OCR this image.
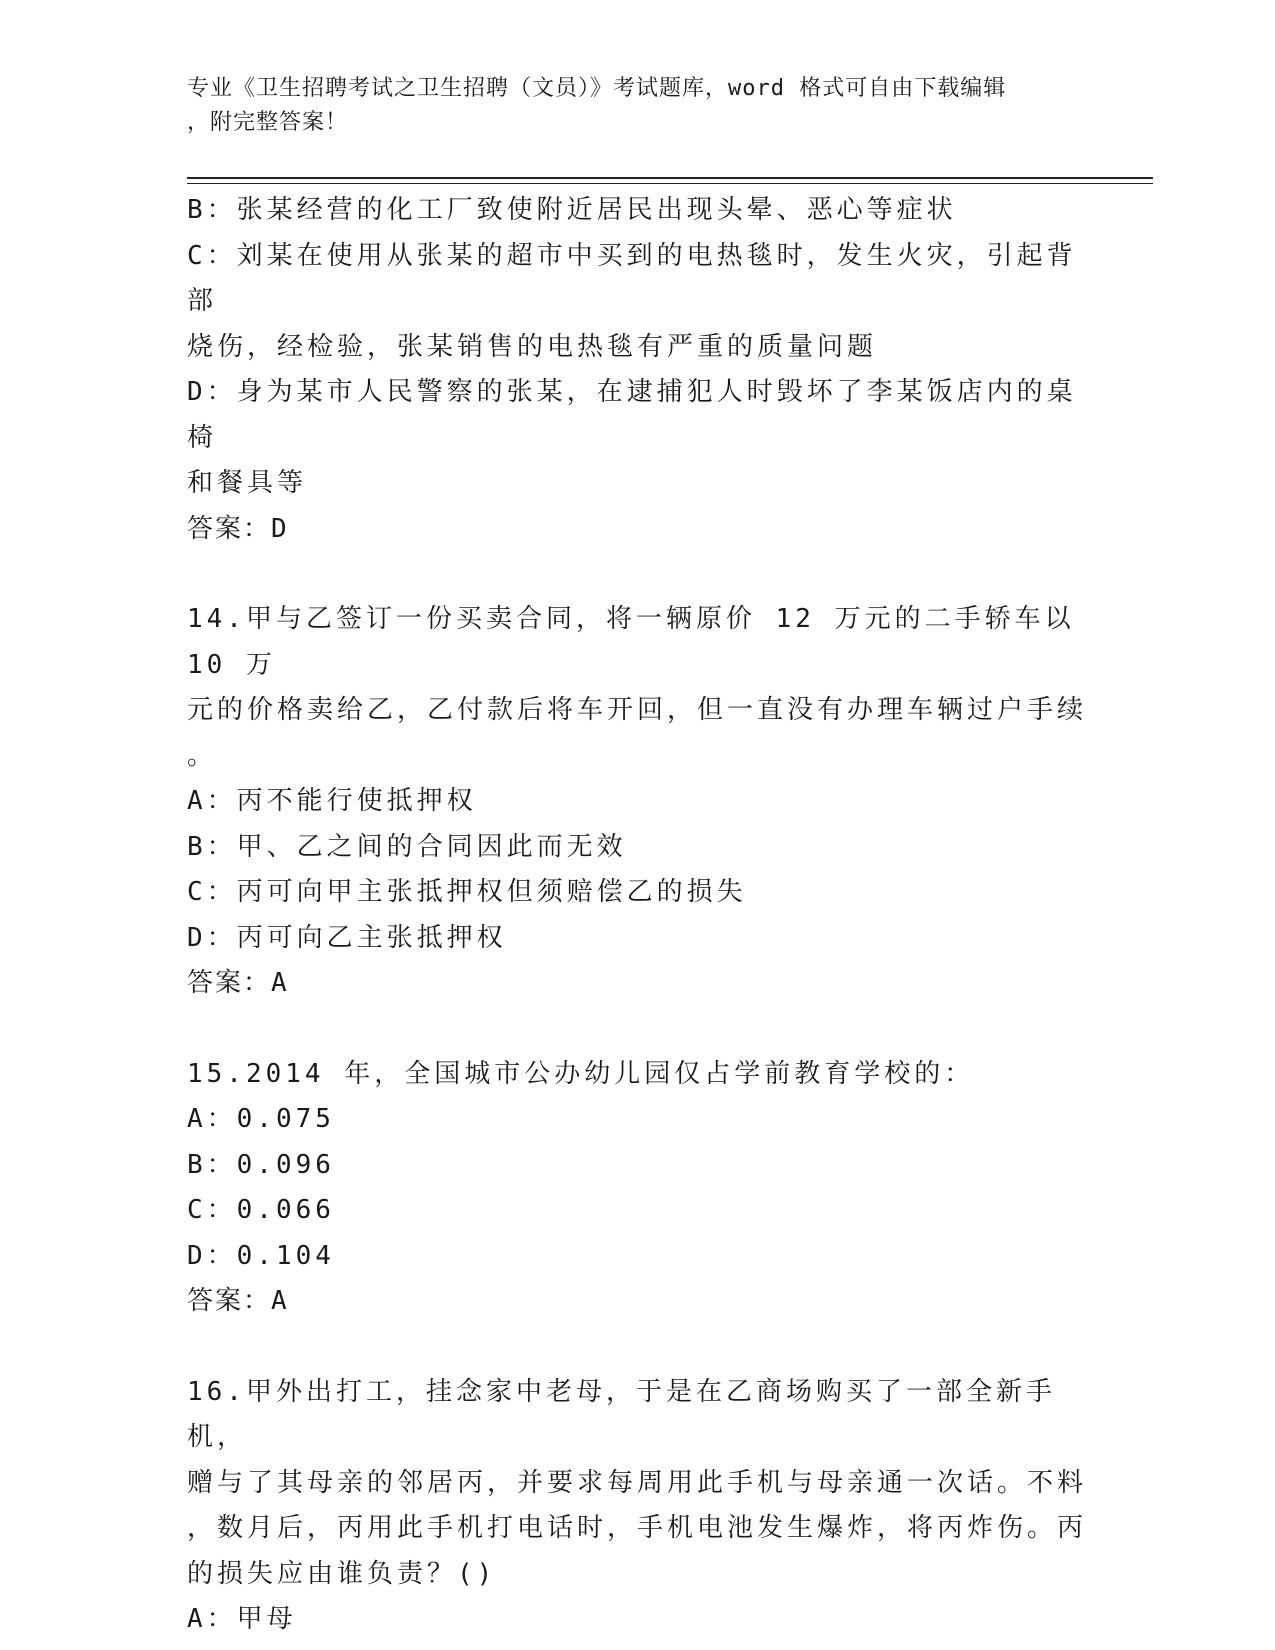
专业《卫生招聘考试之卫生招聘（文员）》考试题库，word 格式可自由下载编辑
，附完整答案！
B：张某经营的化工厂致使附近居民出现头晕、恶心等症状
C：刘某在使用从张某的超市中买到的电热毯时，发生火灾，引起背部
烧伤，经检验，张某销售的电热毯有严重的质量问题
D：身为某市人民警察的张某，在逮捕犯人时毁坏了李某饭店内的桌椅
和餐具等
答案：D
14.甲与乙签订一份买卖合同，将一辆原价 12 万元的二手轿车以 10 万
元的价格卖给乙，乙付款后将车开回，但一直没有办理车辆过户手续
。
A：丙不能行使抵押权
B：甲、乙之间的合同因此而无效
C：丙可向甲主张抵押权但须赔偿乙的损失
D：丙可向乙主张抵押权
答案：A
15.2014 年，全国城市公办幼儿园仅占学前教育学校的：
A：0.075
B：0.096
C：0.066
D：0.104
答案：A
16.甲外出打工，挂念家中老母，于是在乙商场购买了一部全新手机，
赠与了其母亲的邻居丙，并要求每周用此手机与母亲通一次话。不料
，数月后，丙用此手机打电话时，手机电池发生爆炸，将丙炸伤。丙
的损失应由谁负责？()
A：甲母
